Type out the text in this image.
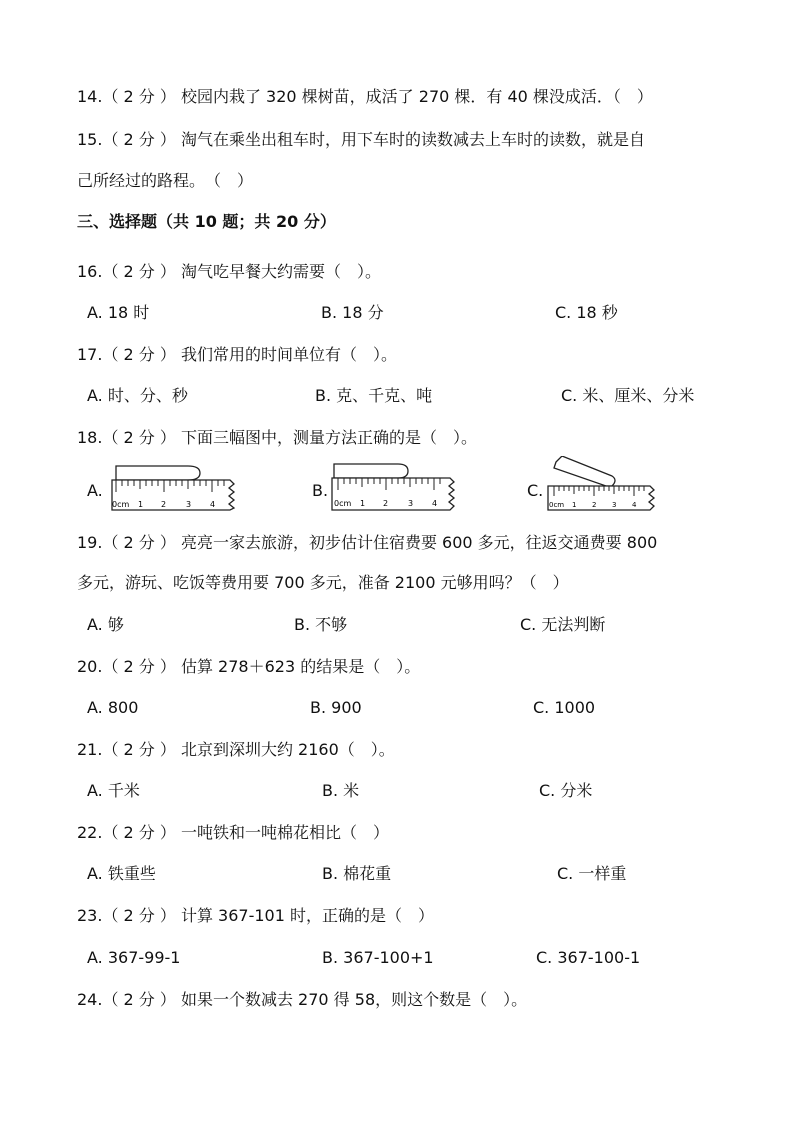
14.（ 2 分 ） 校园内栽了 320 棵树苗，成活了 270 棵．有 40 棵没成活．（　）
15.（ 2 分 ） 淘气在乘坐出租车时，用下车时的读数减去上车时的读数，就是自
己所经过的路程。　（　）
三、选择题（共 10 题；共 20 分）
16.（ 2 分 ） 淘气吃早餐大约需要（　）。
A. 18 时	B. 18 分	C. 18 秒
17.（ 2 分 ） 我们常用的时间单位有（　）。
A. 时、分、秒	B. 克、千克、吨	C. 米、厘米、分米
18.（ 2 分 ） 下面三幅图中，测量方法正确的是（　）。
A.
0cm 1 2 3 4
B.
0cm 1 2 3 4
C.
0cm 1 2 3 4
19.（ 2 分 ） 亮亮一家去旅游，初步估计住宿费要 600 多元，往返交通费要 800
多元，游玩、吃饭等费用要 700 多元，准备 2100 元够用吗？（　）
A. 够	B. 不够	C. 无法判断
20.（ 2 分 ） 估算 278＋623 的结果是（　）。
A. 800	B. 900	C. 1000
21.（ 2 分 ） 北京到深圳大约 2160（　）。
A. 千米	B. 米	C. 分米
22.（ 2 分 ） 一吨铁和一吨棉花相比（　）
A. 铁重些	B. 棉花重	C. 一样重
23.（ 2 分 ） 计算 367-101 时，正确的是（　）
A. 367-99-1	B. 367-100+1	C. 367-100-1
24.（ 2 分 ） 如果一个数减去 270 得 58，则这个数是（　）。
